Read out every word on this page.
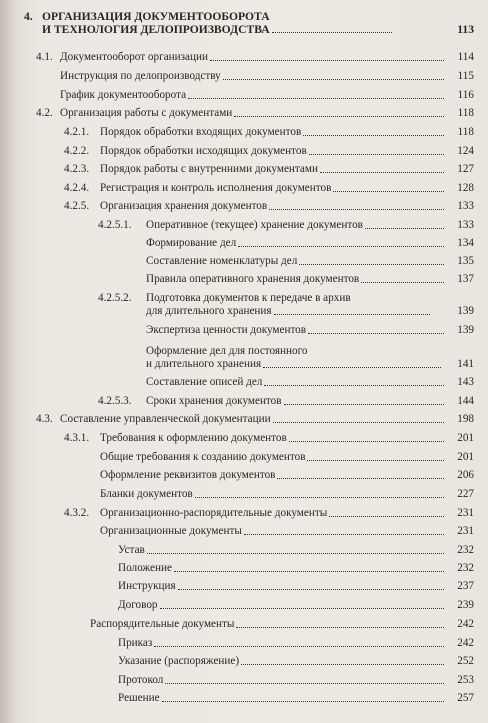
4. ОРГАНИЗАЦИЯ ДОКУМЕНТООБОРОТА
И ТЕХНОЛОГИЯ ДЕЛОПРОИЗВОДСТВА	113
4.1. Документооборот организации	114
Инструкция по делопроизводству	115
График документооборота	116
4.2. Организация работы с документами	118
4.2.1. Порядок обработки входящих документов	118
4.2.2. Порядок обработки исходящих документов	124
4.2.3. Порядок работы с внутренними документами	127
4.2.4. Регистрация и контроль исполнения документов	128
4.2.5. Организация хранения документов	133
4.2.5.1. Оперативное (текущее) хранение документов	133
Формирование дел	134
Составление номенклатуры дел	135
Правила оперативного хранения документов	137
4.2.5.2. Подготовка документов к передаче в архив
для длительного хранения	139
Экспертиза ценности документов	139
Оформление дел для постоянного
и длительного хранения	141
Составление описей дел	143
4.2.5.3. Сроки хранения документов	144
4.3. Составление управленческой документации	198
4.3.1. Требования к оформлению документов	201
Общие требования к созданию документов	201
Оформление реквизитов документов	206
Бланки документов	227
4.3.2. Организационно-распорядительные документы	231
Организационные документы	231
Устав	232
Положение	232
Инструкция	237
Договор	239
Распорядительные документы	242
Приказ	242
Указание (распоряжение)	252
Протокол	253
Решение	257
